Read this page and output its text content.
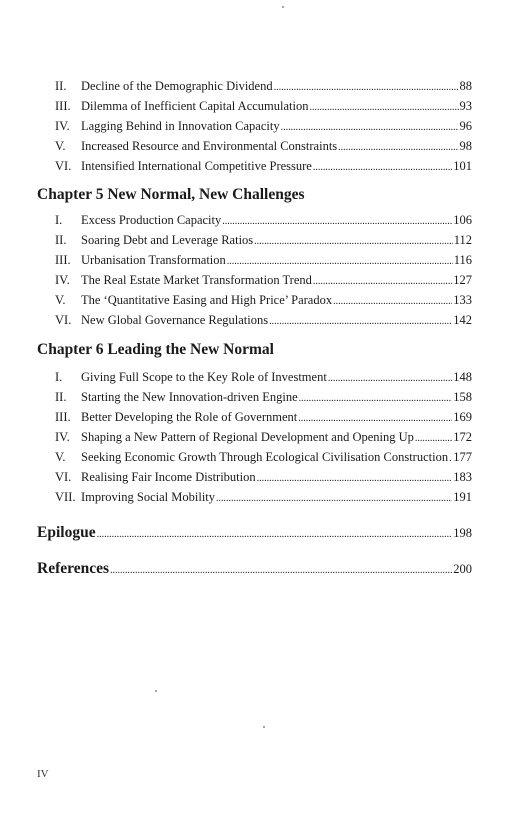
II.	Decline of the Demographic Dividend .....	88
III. Dilemma of Inefficient Capital Accumulation .....	93
IV. Lagging Behind in Innovation Capacity .....	96
V.	Increased Resource and Environmental Constraints .....	98
VI. Intensified International Competitive Pressure .....	101
Chapter 5 New Normal, New Challenges
I.	Excess Production Capacity .....	106
II.	Soaring Debt and Leverage Ratios .....	112
III. Urbanisation Transformation .....	116
IV. The Real Estate Market Transformation Trend .....	127
V.	The ‘Quantitative Easing and High Price’ Paradox .....	133
VI. New Global Governance Regulations .....	142
Chapter 6 Leading the New Normal
I.	Giving Full Scope to the Key Role of Investment .....	148
II.	Starting the New Innovation-driven Engine .....	158
III. Better Developing the Role of Government .....	169
IV. Shaping a New Pattern of Regional Development and Opening Up .....	172
V.	Seeking Economic Growth Through Ecological Civilisation Construction ..... 177
VI. Realising Fair Income Distribution .....	183
VII. Improving Social Mobility .....	191
Epilogue .....	198
References .....	200
IV
